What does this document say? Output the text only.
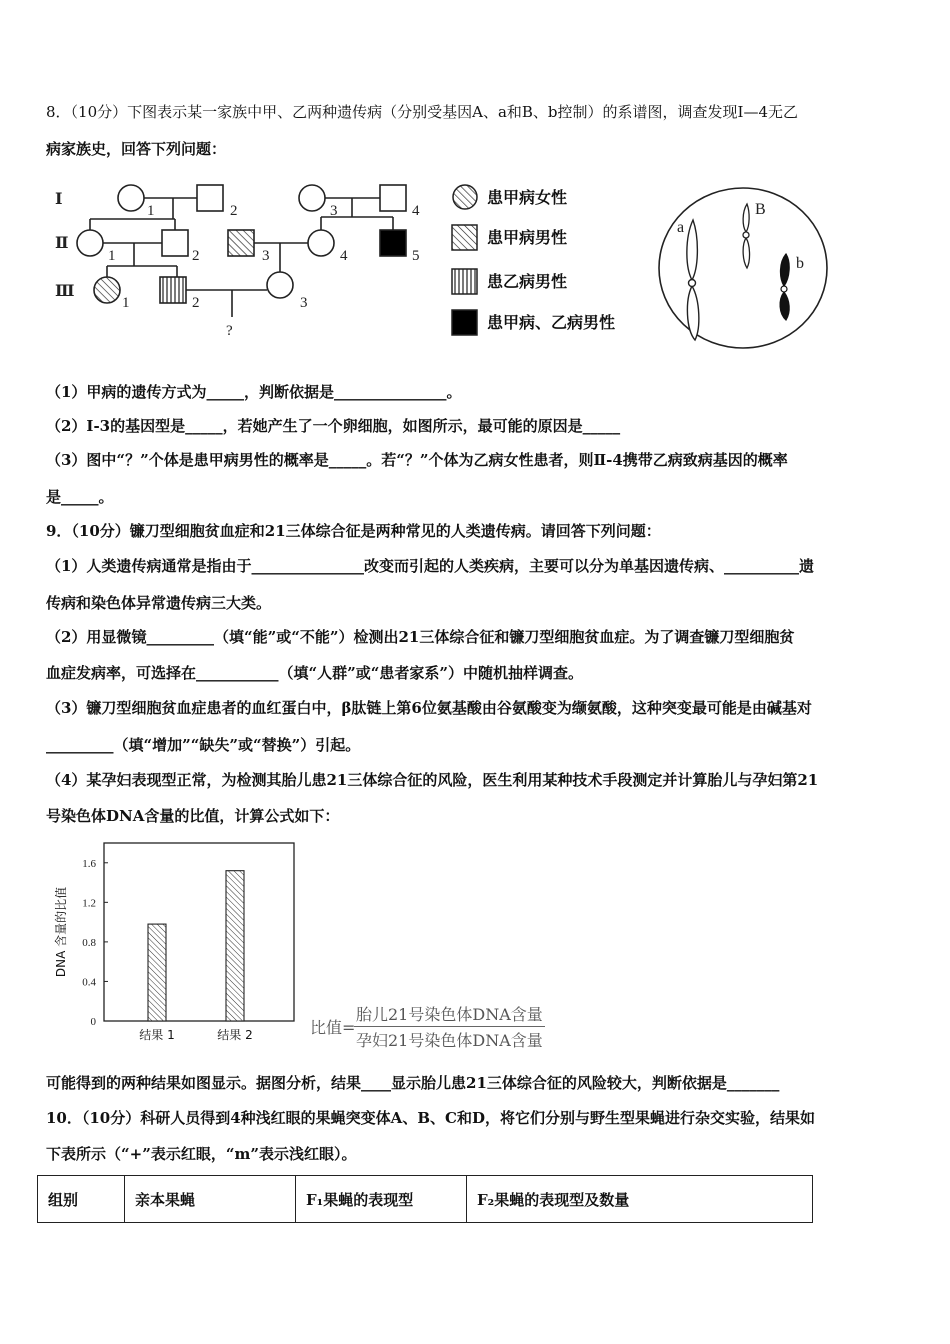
8．（10分）下图表示某一家族中甲、乙两种遗传病（分别受基因A、a和B、b控制）的系谱图，调查发现Ⅰ—4无乙
病家族史，回答下列问题：
Ⅰ
Ⅱ
Ⅲ
1	2	3	4
1	2	3	4	5
1	2	3
?
患甲病女性
患甲病男性
患乙病男性
患甲病、乙病男性
a
B
b
（1）甲病的遗传方式为_____，判断依据是_______________。
（2）Ⅰ-3的基因型是_____，若她产生了一个卵细胞，如图所示，最可能的原因是_____
（3）图中“？”个体是患甲病男性的概率是_____。若“？”个体为乙病女性患者，则Ⅱ-4携带乙病致病基因的概率
是_____。
9．（10分）镰刀型细胞贫血症和21三体综合征是两种常见的人类遗传病。请回答下列问题：
（1）人类遗传病通常是指由于_______________改变而引起的人类疾病，主要可以分为单基因遗传病、__________遗
传病和染色体异常遗传病三大类。
（2）用显微镜_________（填“能”或“不能”）检测出21三体综合征和镰刀型细胞贫血症。为了调查镰刀型细胞贫
血症发病率，可选择在___________（填“人群”或“患者家系”）中随机抽样调查。
（3）镰刀型细胞贫血症患者的血红蛋白中，β肽链上第6位氨基酸由谷氨酸变为缬氨酸，这种突变最可能是由碱基对
_________（填“增加”“缺失”或“替换”）引起。
（4）某孕妇表现型正常，为检测其胎儿患21三体综合征的风险，医生利用某种技术手段测定并计算胎儿与孕妇第21
号染色体DNA含量的比值，计算公式如下：
DNA 含量的比值
0
0.4
0.8
1.2
1.6
结果 1	结果 2	比值=
胎儿21号染色体DNA含量
孕妇21号染色体DNA含量
可能得到的两种结果如图显示。据图分析，结果____显示胎儿患21三体综合征的风险较大，判断依据是_______
10．（10分）科研人员得到4种浅红眼的果蝇突变体A、B、C和D，将它们分别与野生型果蝇进行杂交实验，结果如
下表所示（“+”表示红眼，“m”表示浅红眼）。
组别	亲本果蝇	F₁果蝇的表现型	F₂果蝇的表现型及数量
